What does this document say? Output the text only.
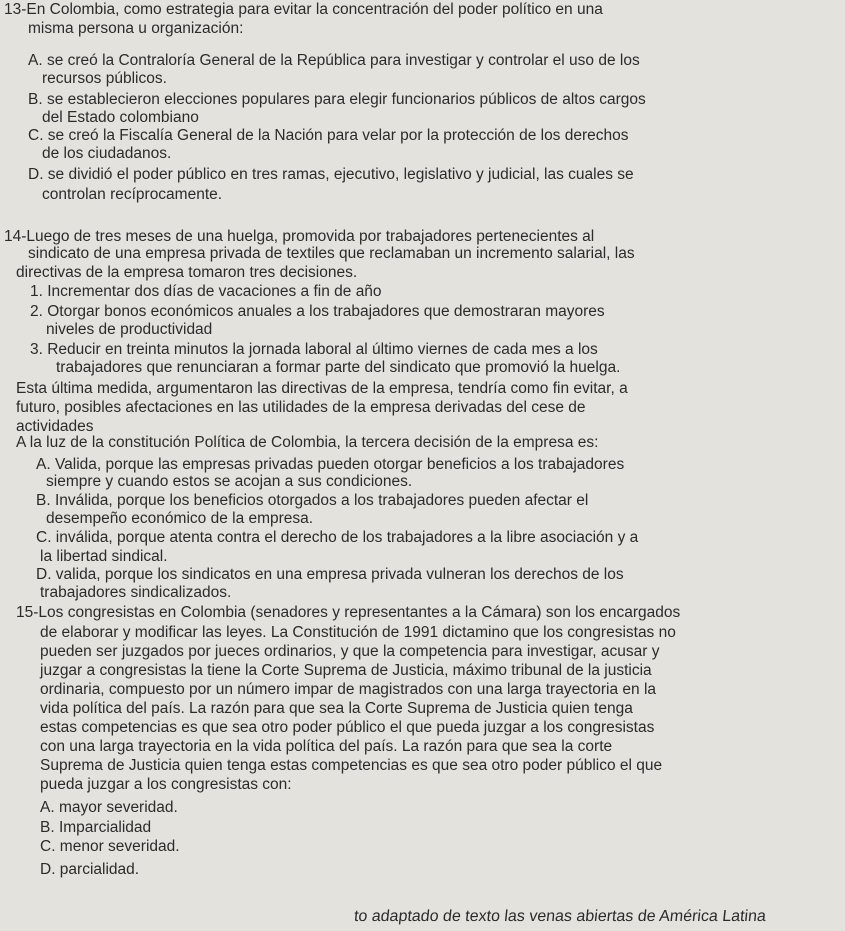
13-En Colombia, como estrategia para evitar la concentración del poder político en una
misma persona u organización:
A. se creó la Contraloría General de la República para investigar y controlar el uso de los
recursos públicos.
B. se establecieron elecciones populares para elegir funcionarios públicos de altos cargos
del Estado colombiano
C. se creó la Fiscalía General de la Nación para velar por la protección de los derechos
de los ciudadanos.
D. se dividió el poder público en tres ramas, ejecutivo, legislativo y judicial, las cuales se
controlan recíprocamente.
14-Luego de tres meses de una huelga, promovida por trabajadores pertenecientes al
sindicato de una empresa privada de textiles que reclamaban un incremento salarial, las
directivas de la empresa tomaron tres decisiones.
1. Incrementar dos días de vacaciones a fin de año
2. Otorgar bonos económicos anuales a los trabajadores que demostraran mayores
niveles de productividad
3. Reducir en treinta minutos la jornada laboral al último viernes de cada mes a los
trabajadores que renunciaran a formar parte del sindicato que promovió la huelga.
Esta última medida, argumentaron las directivas de la empresa, tendría como fin evitar, a
futuro, posibles afectaciones en las utilidades de la empresa derivadas del cese de
actividades
A la luz de la constitución Política de Colombia, la tercera decisión de la empresa es:
A. Valida, porque las empresas privadas pueden otorgar beneficios a los trabajadores
siempre y cuando estos se acojan a sus condiciones.
B. Inválida, porque los beneficios otorgados a los trabajadores pueden afectar el
desempeño económico de la empresa.
C. inválida, porque atenta contra el derecho de los trabajadores a la libre asociación y a
la libertad sindical.
D. valida, porque los sindicatos en una empresa privada vulneran los derechos de los
trabajadores sindicalizados.
15-Los congresistas en Colombia (senadores y representantes a la Cámara) son los encargados
de elaborar y modificar las leyes. La Constitución de 1991 dictamino que los congresistas no
pueden ser juzgados por jueces ordinarios, y que la competencia para investigar, acusar y
juzgar a congresistas la tiene la Corte Suprema de Justicia, máximo tribunal de la justicia
ordinaria, compuesto por un número impar de magistrados con una larga trayectoria en la
vida política del país. La razón para que sea la Corte Suprema de Justicia quien tenga
estas competencias es que sea otro poder público el que pueda juzgar a los congresistas
con una larga trayectoria en la vida política del país. La razón para que sea la corte
Suprema de Justicia quien tenga estas competencias es que sea otro poder público el que
pueda juzgar a los congresistas con:
A. mayor severidad.
B. Imparcialidad
C. menor severidad.
D. parcialidad.
to adaptado de texto las venas abiertas de América Latina
